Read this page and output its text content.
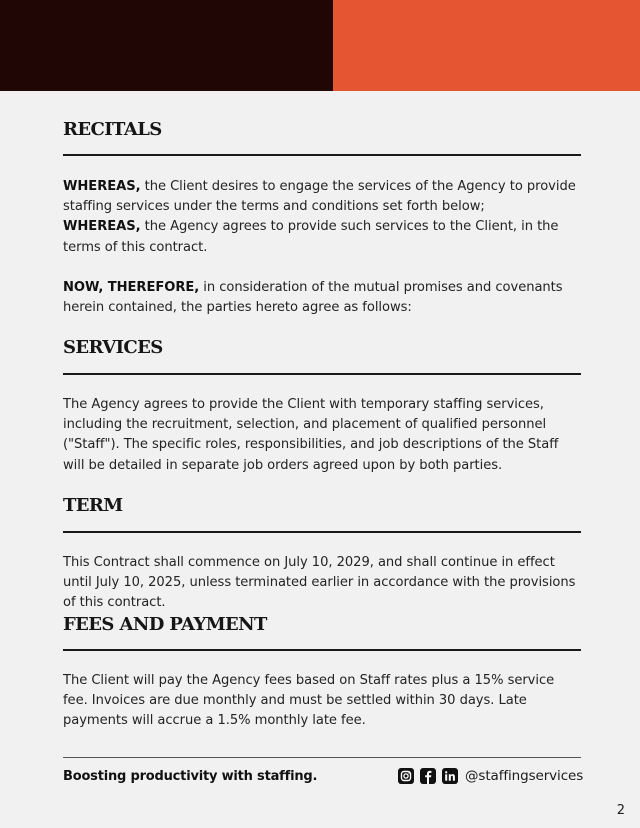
RECITALS

WHEREAS, the Client desires to engage the services of the Agency to provide staffing services under the terms and conditions set forth below;

WHEREAS, the Agency agrees to provide such services to the Client, in the terms of this contract.

NOW, THEREFORE, in consideration of the mutual promises and covenants herein contained, the parties hereto agree as follows:

SERVICES

The Agency agrees to provide the Client with temporary staffing services, including the recruitment, selection, and placement of qualified personnel ("Staff"). The specific roles, responsibilities, and job descriptions of the Staff will be detailed in separate job orders agreed upon by both parties.

TERM

This Contract shall commence on July 10, 2029, and shall continue in effect until July 10, 2025, unless terminated earlier in accordance with the provisions of this contract.

FEES AND PAYMENT

The Client will pay the Agency fees based on Staff rates plus a 15% service fee. Invoices are due monthly and must be settled within 30 days. Late payments will accrue a 1.5% monthly late fee.

Boosting productivity with staffing.	@staffingservices
2
